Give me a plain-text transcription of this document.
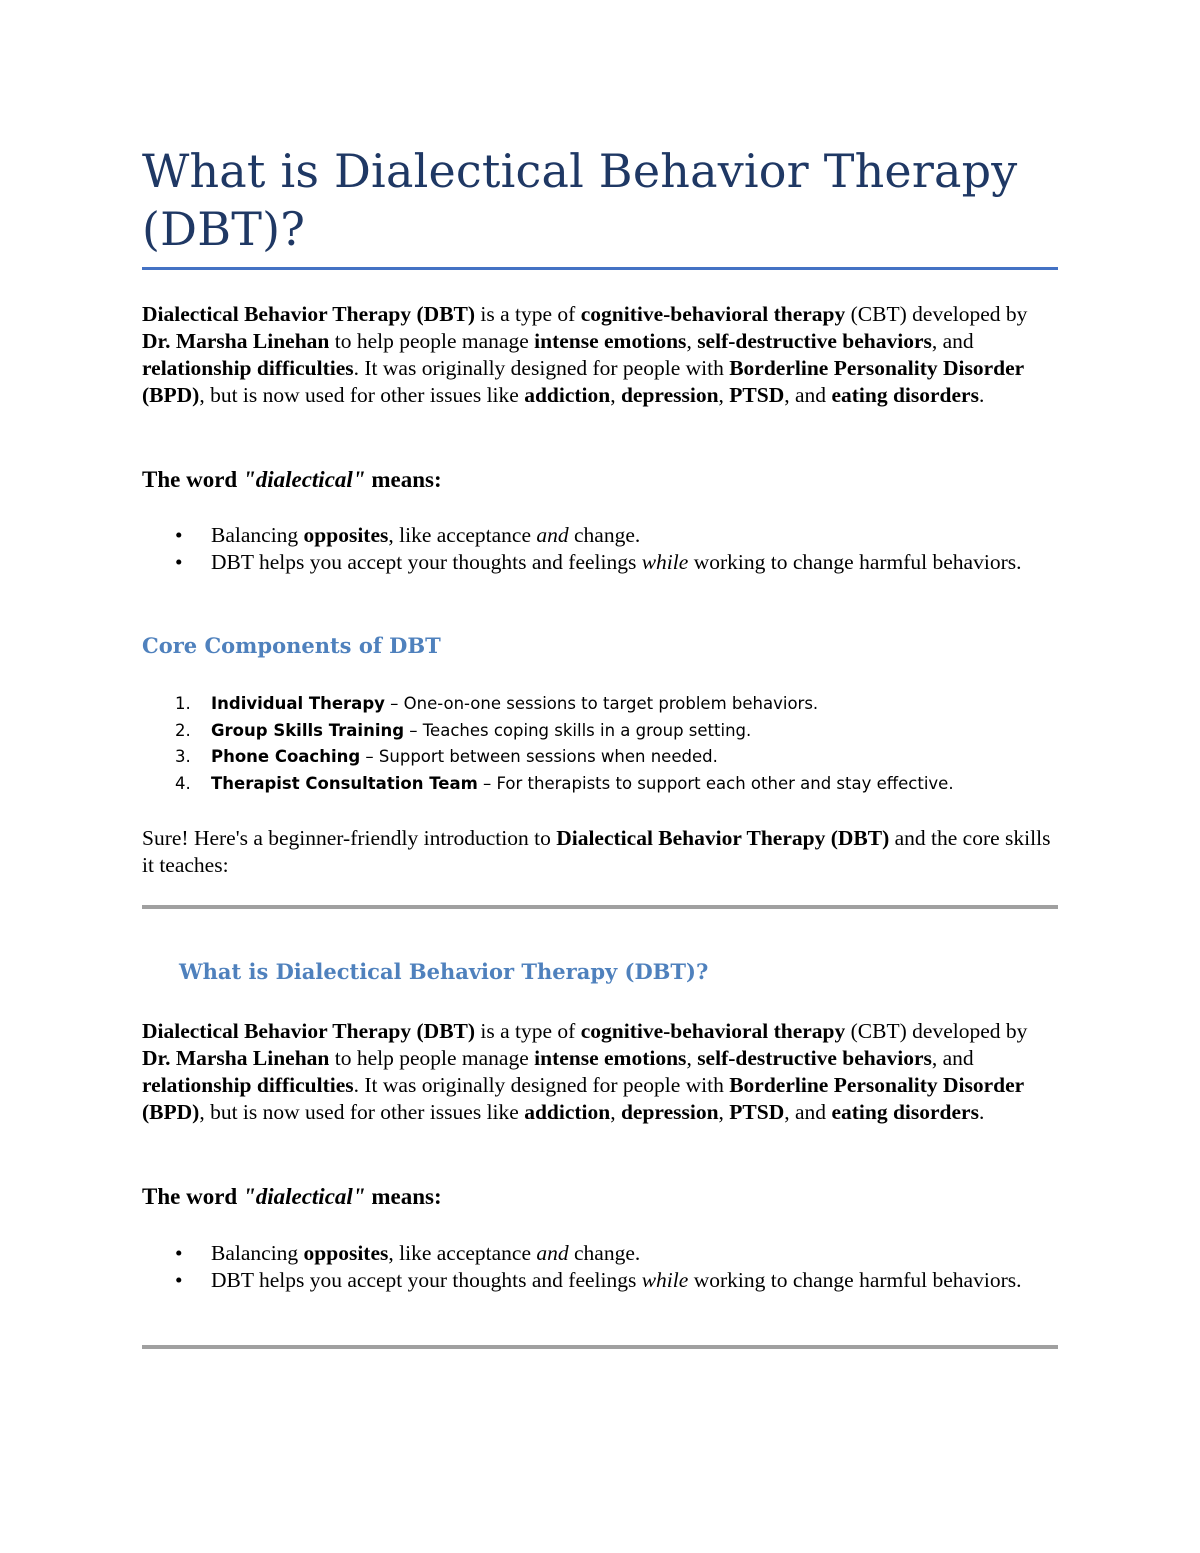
What is Dialectical Behavior Therapy (DBT)?

Dialectical Behavior Therapy (DBT) is a type of cognitive-behavioral therapy (CBT) developed by Dr. Marsha Linehan to help people manage intense emotions, self-destructive behaviors, and relationship difficulties. It was originally designed for people with Borderline Personality Disorder (BPD), but is now used for other issues like addiction, depression, PTSD, and eating disorders.

The word "dialectical" means:
• Balancing opposites, like acceptance and change.
• DBT helps you accept your thoughts and feelings while working to change harmful behaviors.
Core Components of DBT
1. Individual Therapy – One-on-one sessions to target problem behaviors.
2. Group Skills Training – Teaches coping skills in a group setting.
3. Phone Coaching – Support between sessions when needed.
4. Therapist Consultation Team – For therapists to support each other and stay effective.

Sure! Here's a beginner-friendly introduction to Dialectical Behavior Therapy (DBT) and the core skills it teaches:

What is Dialectical Behavior Therapy (DBT)?

Dialectical Behavior Therapy (DBT) is a type of cognitive-behavioral therapy (CBT) developed by Dr. Marsha Linehan to help people manage intense emotions, self-destructive behaviors, and relationship difficulties. It was originally designed for people with Borderline Personality Disorder (BPD), but is now used for other issues like addiction, depression, PTSD, and eating disorders.

The word "dialectical" means:
• Balancing opposites, like acceptance and change.
• DBT helps you accept your thoughts and feelings while working to change harmful behaviors.
